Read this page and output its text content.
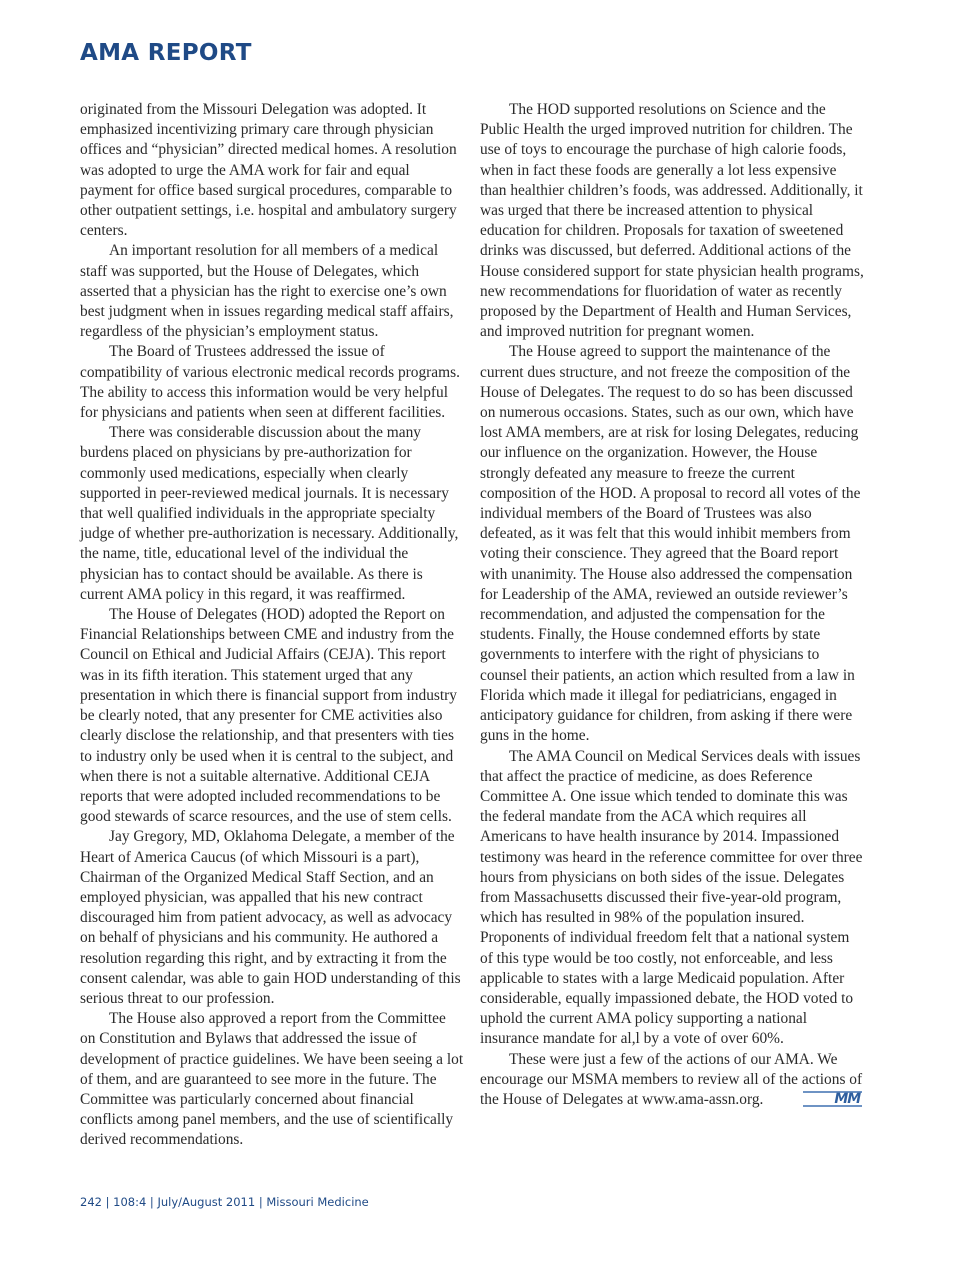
AMA REPORT

originated from the Missouri Delegation was adopted. It emphasized incentivizing primary care through physician offices and “physician” directed medical homes. A resolution was adopted to urge the AMA work for fair and equal payment for office based surgical procedures, comparable to other outpatient settings, i.e. hospital and ambulatory surgery centers.

An important resolution for all members of a medical staff was supported, but the House of Delegates, which asserted that a physician has the right to exercise one’s own best judgment when in issues regarding medical staff affairs, regardless of the physician’s employment status.

The Board of Trustees addressed the issue of compatibility of various electronic medical records programs. The ability to access this information would be very helpful for physicians and patients when seen at different facilities.

There was considerable discussion about the many burdens placed on physicians by pre-authorization for commonly used medications, especially when clearly supported in peer-reviewed medical journals. It is necessary that well qualified individuals in the appropriate specialty judge of whether pre-authorization is necessary. Additionally, the name, title, educational level of the individual the physician has to contact should be available. As there is current AMA policy in this regard, it was reaffirmed.

The House of Delegates (HOD) adopted the Report on Financial Relationships between CME and industry from the Council on Ethical and Judicial Affairs (CEJA). This report was in its fifth iteration. This statement urged that any presentation in which there is financial support from industry be clearly noted, that any presenter for CME activities also clearly disclose the relationship, and that presenters with ties to industry only be used when it is central to the subject, and when there is not a suitable alternative. Additional CEJA reports that were adopted included recommendations to be good stewards of scarce resources, and the use of stem cells.

Jay Gregory, MD, Oklahoma Delegate, a member of the Heart of America Caucus (of which Missouri is a part), Chairman of the Organized Medical Staff Section, and an employed physician, was appalled that his new contract discouraged him from patient advocacy, as well as advocacy on behalf of physicians and his community. He authored a resolution regarding this right, and by extracting it from the consent calendar, was able to gain HOD understanding of this serious threat to our profession.

The House also approved a report from the Committee on Constitution and Bylaws that addressed the issue of development of practice guidelines. We have been seeing a lot of them, and are guaranteed to see more in the future. The Committee was particularly concerned about financial conflicts among panel members, and the use of scientifically derived recommendations.

The HOD supported resolutions on Science and the Public Health the urged improved nutrition for children. The use of toys to encourage the purchase of high calorie foods, when in fact these foods are generally a lot less expensive than healthier children’s foods, was addressed. Additionally, it was urged that there be increased attention to physical education for children. Proposals for taxation of sweetened drinks was discussed, but deferred. Additional actions of the House considered support for state physician health programs, new recommendations for fluoridation of water as recently proposed by the Department of Health and Human Services, and improved nutrition for pregnant women.

The House agreed to support the maintenance of the current dues structure, and not freeze the composition of the House of Delegates. The request to do so has been discussed on numerous occasions. States, such as our own, which have lost AMA members, are at risk for losing Delegates, reducing our influence on the organization. However, the House strongly defeated any measure to freeze the current composition of the HOD. A proposal to record all votes of the individual members of the Board of Trustees was also defeated, as it was felt that this would inhibit members from voting their conscience. They agreed that the Board report with unanimity. The House also addressed the compensation for Leadership of the AMA, reviewed an outside reviewer’s recommendation, and adjusted the compensation for the students. Finally, the House condemned efforts by state governments to interfere with the right of physicians to counsel their patients, an action which resulted from a law in Florida which made it illegal for pediatricians, engaged in anticipatory guidance for children, from asking if there were guns in the home.

The AMA Council on Medical Services deals with issues that affect the practice of medicine, as does Reference Committee A. One issue which tended to dominate this was the federal mandate from the ACA which requires all Americans to have health insurance by 2014. Impassioned testimony was heard in the reference committee for over three hours from physicians on both sides of the issue. Delegates from Massachusetts discussed their five-year-old program, which has resulted in 98% of the population insured. Proponents of individual freedom felt that a national system of this type would be too costly, not enforceable, and less applicable to states with a large Medicaid population. After considerable, equally impassioned debate, the HOD voted to uphold the current AMA policy supporting a national insurance mandate for al,l by a vote of over 60%.

These were just a few of the actions of our AMA. We encourage our MSMA members to review all of the actions of the House of Delegates at www.ama-assn.org.	MM

242 | 108:4 | July/August 2011 | Missouri Medicine
